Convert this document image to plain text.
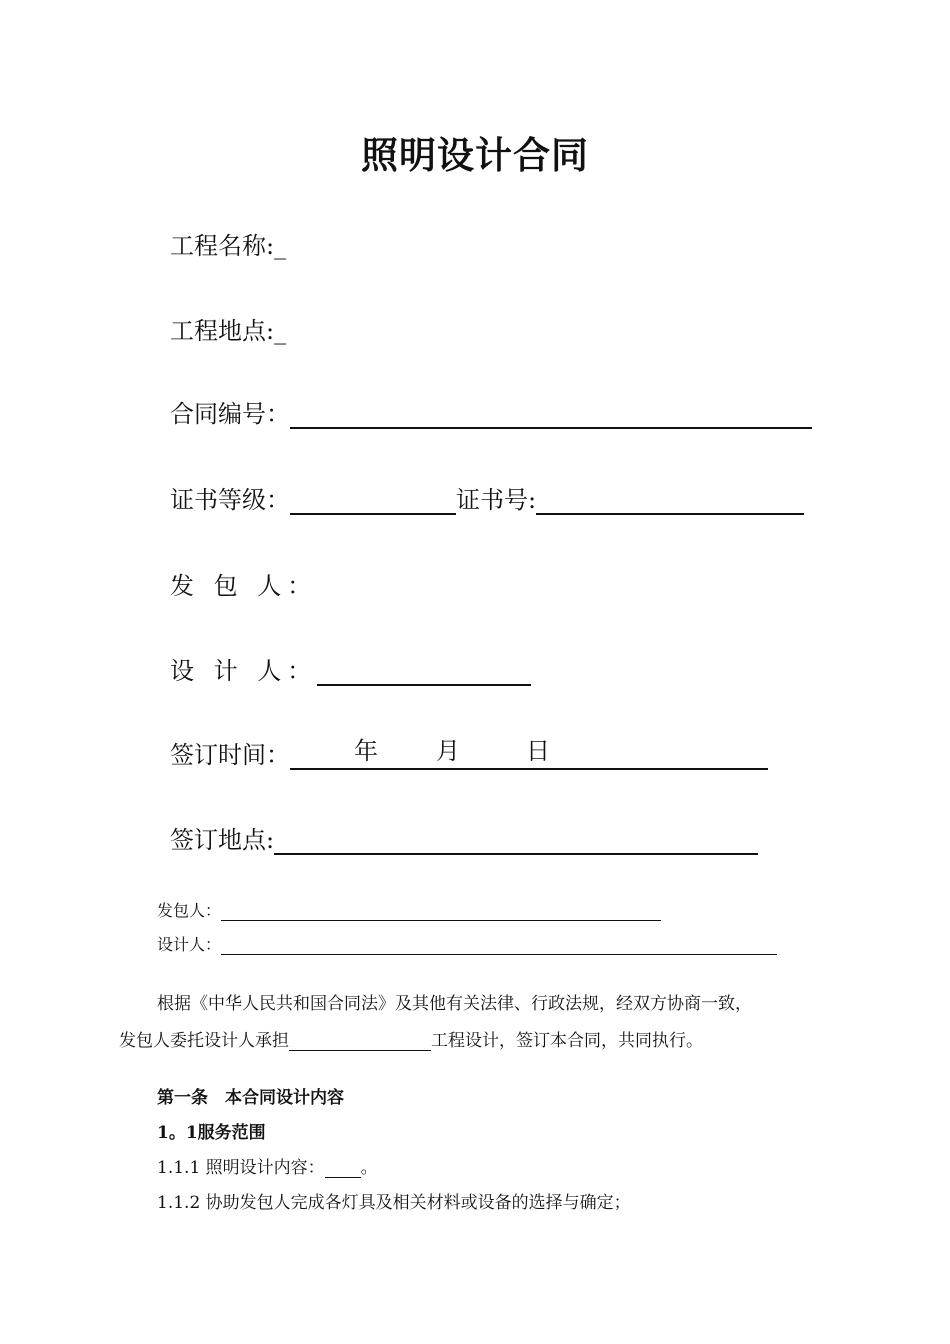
照明设计合同
工程名称:_
工程地点:_
合同编号：
证书等级：	证书号:
发 包 人：
设 计 人：
签订时间：	年 月	日
签订地点:
发包人：
设计人：
根据《中华人民共和国合同法》及其他有关法律、行政法规，经双方协商一致，
发包人委托设计人承担	工程设计，签订本合同，共同执行。
第一条　本合同设计内容
1。1服务范围
1.1.1 照明设计内容： 。
1.1.2 协助发包人完成各灯具及相关材料或设备的选择与确定；
